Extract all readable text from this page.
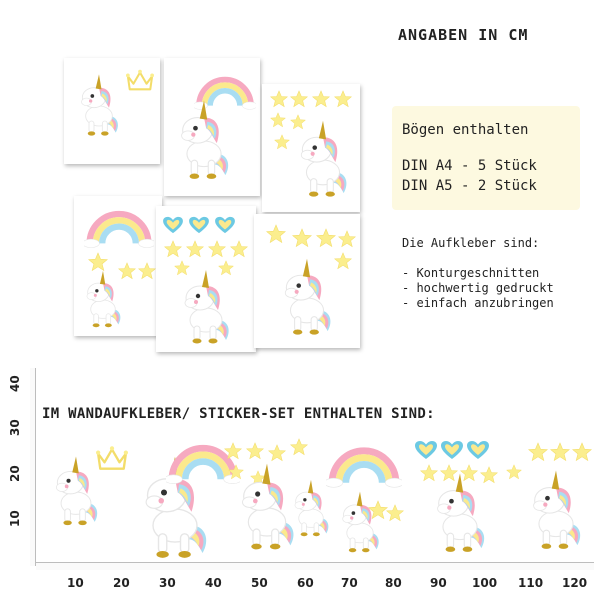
ANGABEN IN CM
Bögen enthalten
DIN A4 - 5 Stück
DIN A5 - 2 Stück
Die Aufkleber sind:
- Konturgeschnitten
- hochwertig gedruckt
- einfach anzubringen
40
30
20
10
10 20 30 40 50 60 70 80 90 100 110 120
IM WANDAUFKLEBER/ STICKER-SET ENTHALTEN SIND:
